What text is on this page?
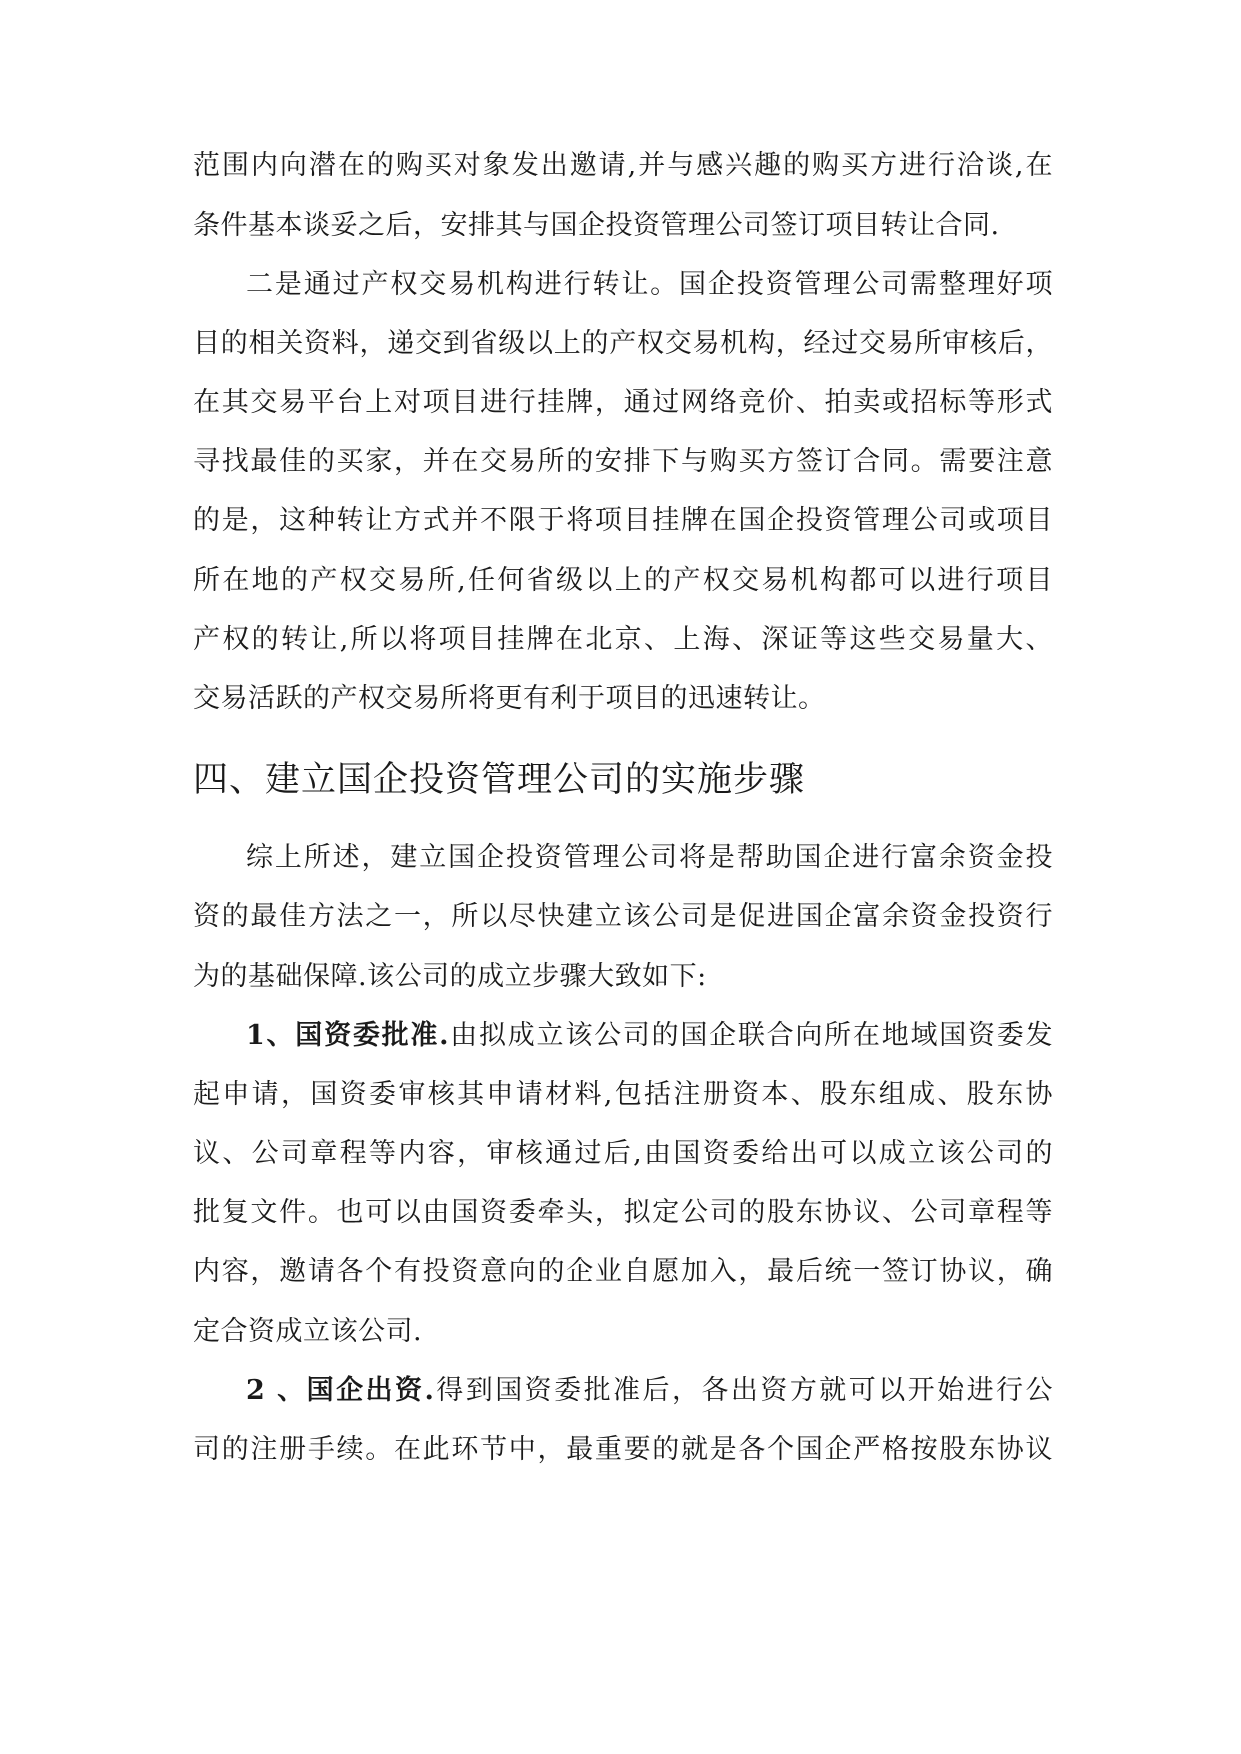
范围内向潜在的购买对象发出邀请,并与感兴趣的购买方进行洽谈,在
条件基本谈妥之后，安排其与国企投资管理公司签订项目转让合同.
二是通过产权交易机构进行转让。国企投资管理公司需整理好项
目的相关资料，递交到省级以上的产权交易机构，经过交易所审核后，
在其交易平台上对项目进行挂牌，通过网络竞价、拍卖或招标等形式
寻找最佳的买家，并在交易所的安排下与购买方签订合同。需要注意
的是，这种转让方式并不限于将项目挂牌在国企投资管理公司或项目
所在地的产权交易所,任何省级以上的产权交易机构都可以进行项目
产权的转让,所以将项目挂牌在北京、上海、深证等这些交易量大、
交易活跃的产权交易所将更有利于项目的迅速转让。
四、建立国企投资管理公司的实施步骤
综上所述，建立国企投资管理公司将是帮助国企进行富余资金投
资的最佳方法之一，所以尽快建立该公司是促进国企富余资金投资行
为的基础保障.该公司的成立步骤大致如下:
1、国资委批准.由拟成立该公司的国企联合向所在地域国资委发
起申请，国资委审核其申请材料,包括注册资本、股东组成、股东协
议、公司章程等内容，审核通过后,由国资委给出可以成立该公司的
批复文件。也可以由国资委牵头，拟定公司的股东协议、公司章程等
内容，邀请各个有投资意向的企业自愿加入，最后统一签订协议，确
定合资成立该公司.
2 、国企出资.得到国资委批准后，各出资方就可以开始进行公
司的注册手续。在此环节中，最重要的就是各个国企严格按股东协议
